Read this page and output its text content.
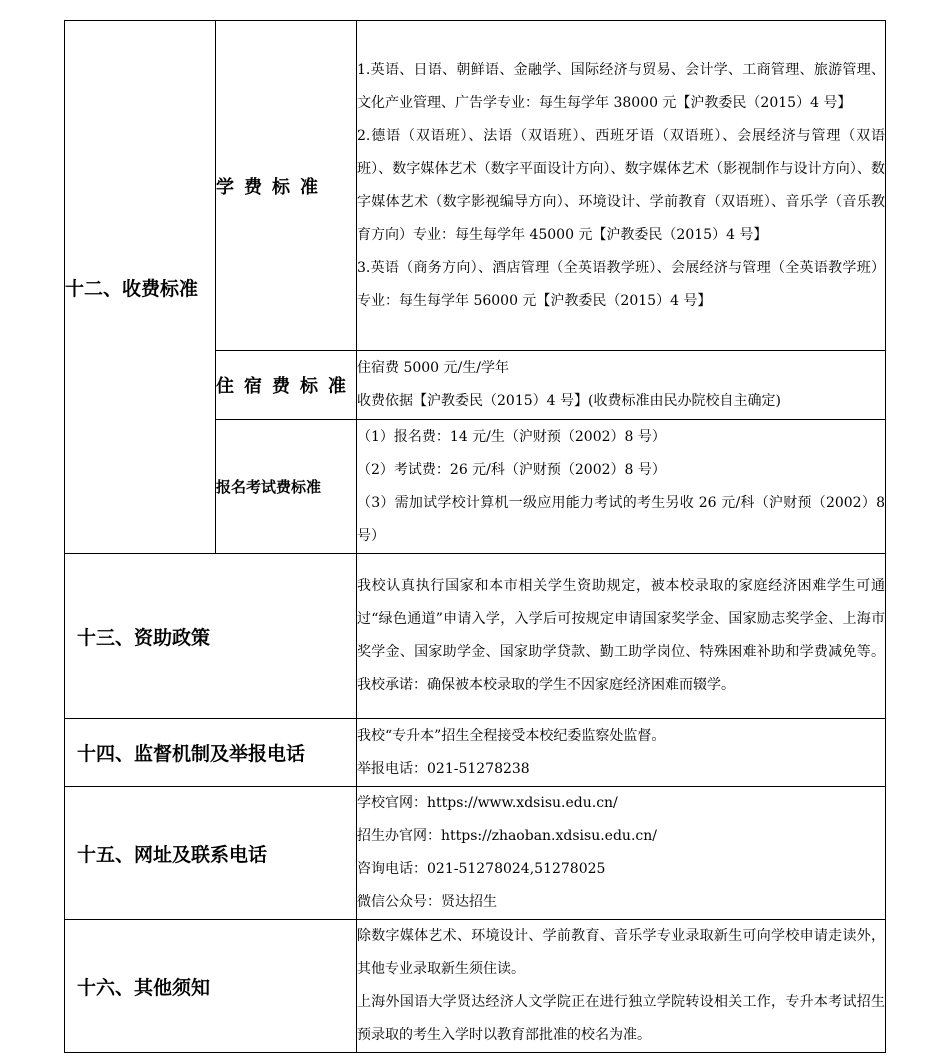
十二、收费标准	学费标准	1.英语、日语、朝鲜语、金融学、国际经济与贸易、会计学、工商管理、旅游管理、文化产业管理、广告学专业：每生每学年 38000 元【沪教委民（2015）4 号】
2.德语（双语班）、法语（双语班）、西班牙语（双语班）、会展经济与管理（双语班）、数字媒体艺术（数字平面设计方向）、数字媒体艺术（影视制作与设计方向）、数字媒体艺术（数字影视编导方向）、环境设计、学前教育（双语班）、音乐学（音乐教育方向）专业：每生每学年 45000 元【沪教委民（2015）4 号】
3.英语（商务方向）、酒店管理（全英语教学班）、会展经济与管理（全英语教学班）专业：每生每学年 56000 元【沪教委民（2015）4 号】

	住宿费标准	住宿费 5000 元/生/学年
收费依据【沪教委民（2015）4 号】(收费标准由民办院校自主确定)

	报名考试费标准	（1）报名费：14 元/生（沪财预（2002）8 号）
（2）考试费：26 元/科（沪财预（2002）8 号）
（3）需加试学校计算机一级应用能力考试的考生另收 26 元/科（沪财预（2002）8 号）

十三、资助政策		我校认真执行国家和本市相关学生资助规定，被本校录取的家庭经济困难学生可通过“绿色通道”申请入学，入学后可按规定申请国家奖学金、国家励志奖学金、上海市奖学金、国家助学金、国家助学贷款、勤工助学岗位、特殊困难补助和学费减免等。我校承诺：确保被本校录取的学生不因家庭经济困难而辍学。

十四、监督机制及举报电话		我校“专升本”招生全程接受本校纪委监察处监督。
举报电话：021-51278238

十五、网址及联系电话		学校官网：https://www.xdsisu.edu.cn/
招生办官网：https://zhaoban.xdsisu.edu.cn/
咨询电话：021-51278024,51278025
微信公众号：贤达招生

十六、其他须知		除数字媒体艺术、环境设计、学前教育、音乐学专业录取新生可向学校申请走读外，其他专业录取新生须住读。
上海外国语大学贤达经济人文学院正在进行独立学院转设相关工作，专升本考试招生预录取的考生入学时以教育部批准的校名为准。
